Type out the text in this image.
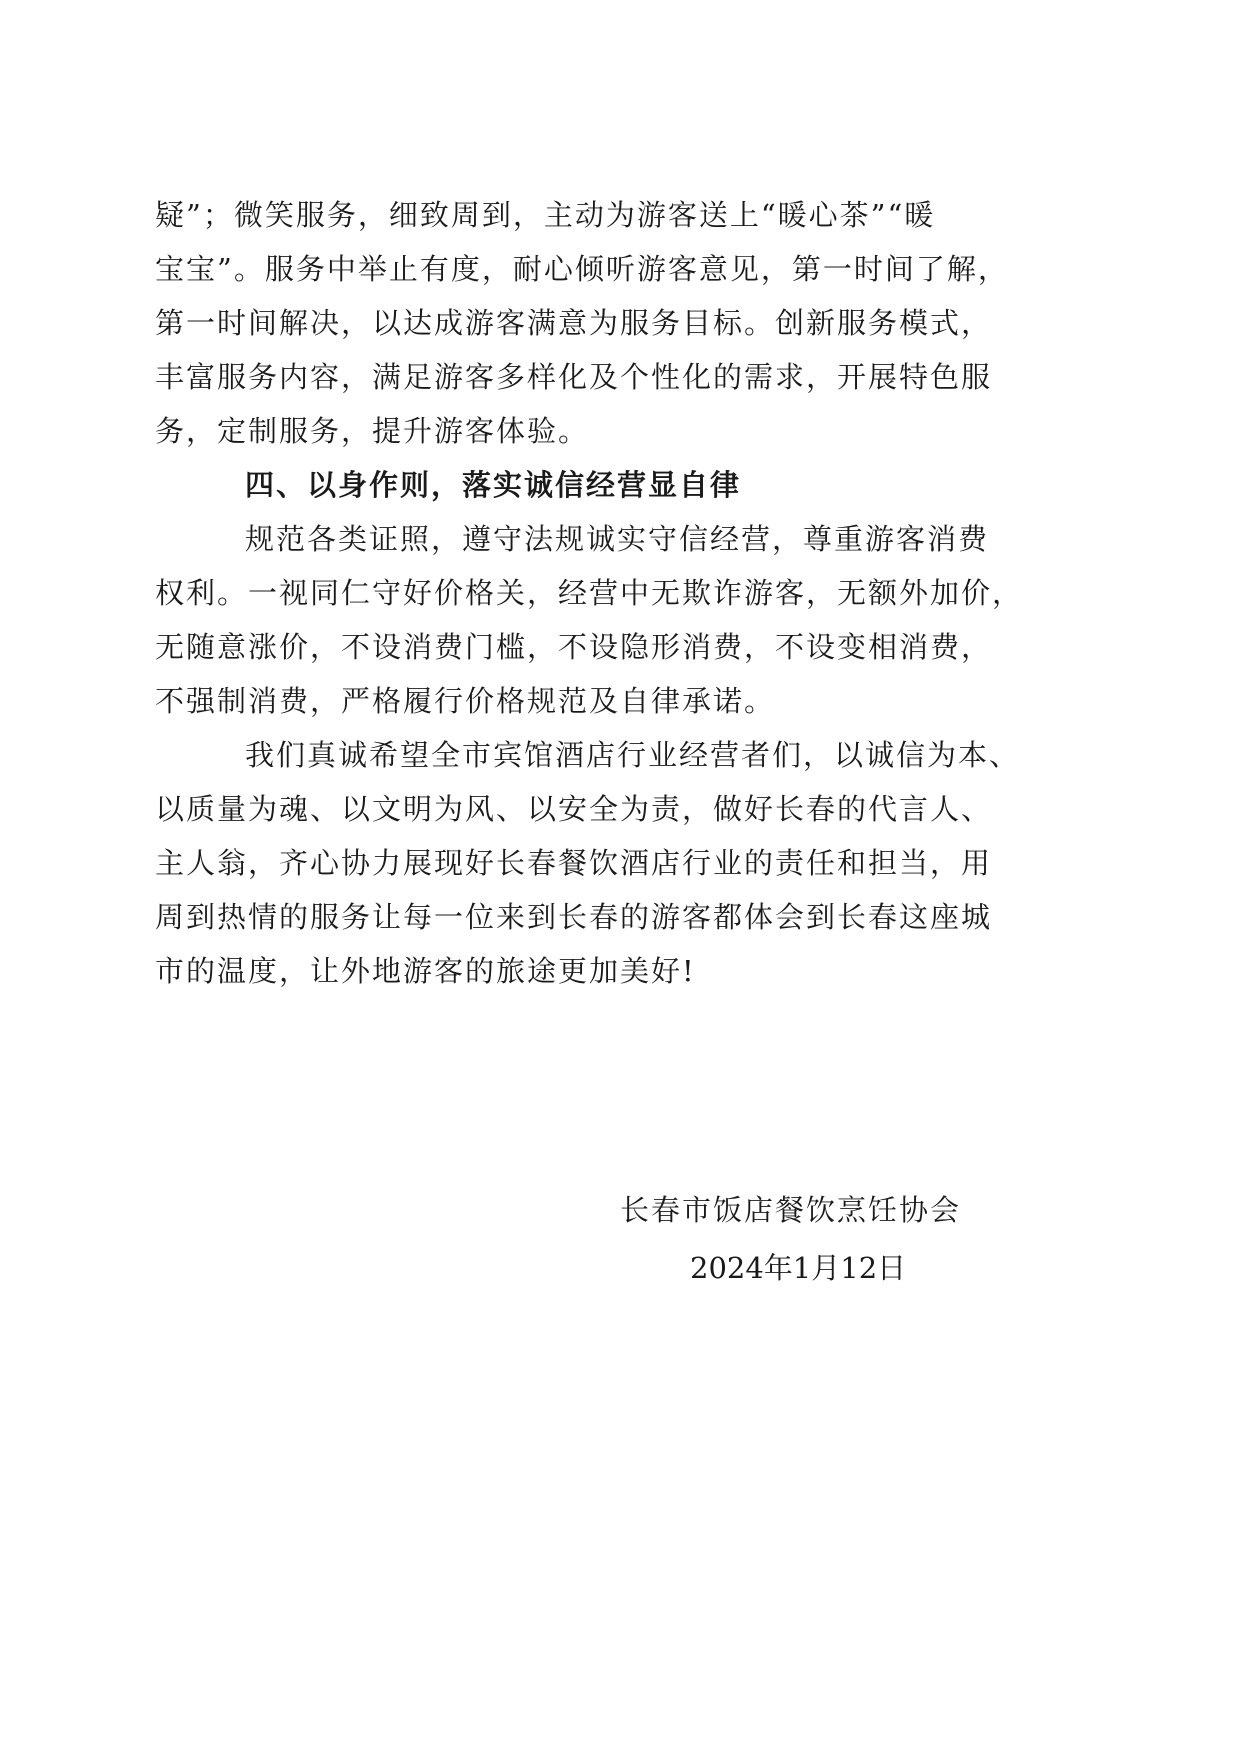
疑”；微笑服务，细致周到，主动为游客送上“暖心茶”“暖
宝宝”。服务中举止有度，耐心倾听游客意见，第一时间了解，
第一时间解决，以达成游客满意为服务目标。创新服务模式，
丰富服务内容，满足游客多样化及个性化的需求，开展特色服
务，定制服务，提升游客体验。
四、以身作则，落实诚信经营显自律
规范各类证照，遵守法规诚实守信经营，尊重游客消费
权利。一视同仁守好价格关，经营中无欺诈游客，无额外加价，
无随意涨价，不设消费门槛，不设隐形消费，不设变相消费，
不强制消费，严格履行价格规范及自律承诺。
我们真诚希望全市宾馆酒店行业经营者们，以诚信为本、
以质量为魂、以文明为风、以安全为责，做好长春的代言人、
主人翁，齐心协力展现好长春餐饮酒店行业的责任和担当，用
周到热情的服务让每一位来到长春的游客都体会到长春这座城
市的温度，让外地游客的旅途更加美好!
长春市饭店餐饮烹饪协会
2024年1月12日
